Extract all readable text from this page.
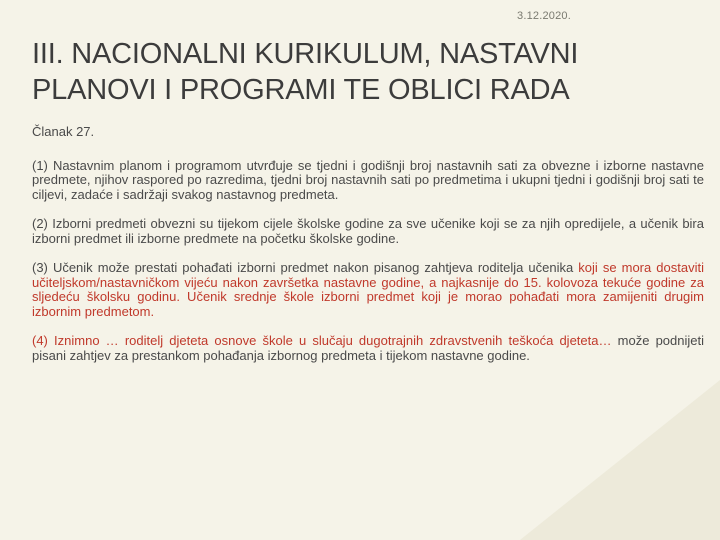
3.12.2020.
III. NACIONALNI KURIKULUM, NASTAVNI
PLANOVI I PROGRAMI TE OBLICI RADA

Članak 27.

(1) Nastavnim planom i programom utvrđuje se tjedni i godišnji broj nastavnih sati za obvezne i izborne nastavne predmete, njihov raspored po razredima, tjedni broj nastavnih sati po predmetima i ukupni tjedni i godišnji broj sati te ciljevi, zadaće i sadržaji svakog nastavnog predmeta.

(2) Izborni predmeti obvezni su tijekom cijele školske godine za sve učenike koji se za njih opredijele, a učenik bira izborni predmet ili izborne predmete na početku školske godine.

(3) Učenik može prestati pohađati izborni predmet nakon pisanog zahtjeva roditelja učenika koji se mora dostaviti učiteljskom/nastavničkom vijeću nakon završetka nastavne godine, a najkasnije do 15. kolovoza tekuće godine za sljedeću školsku godinu. Učenik srednje škole izborni predmet koji je morao pohađati mora zamijeniti drugim izbornim predmetom.

(4) Iznimno … roditelj djeteta osnove škole u slučaju dugotrajnih zdravstvenih teškoća djeteta… može podnijeti pisani zahtjev za prestankom pohađanja izbornog predmeta i tijekom nastavne godine.
